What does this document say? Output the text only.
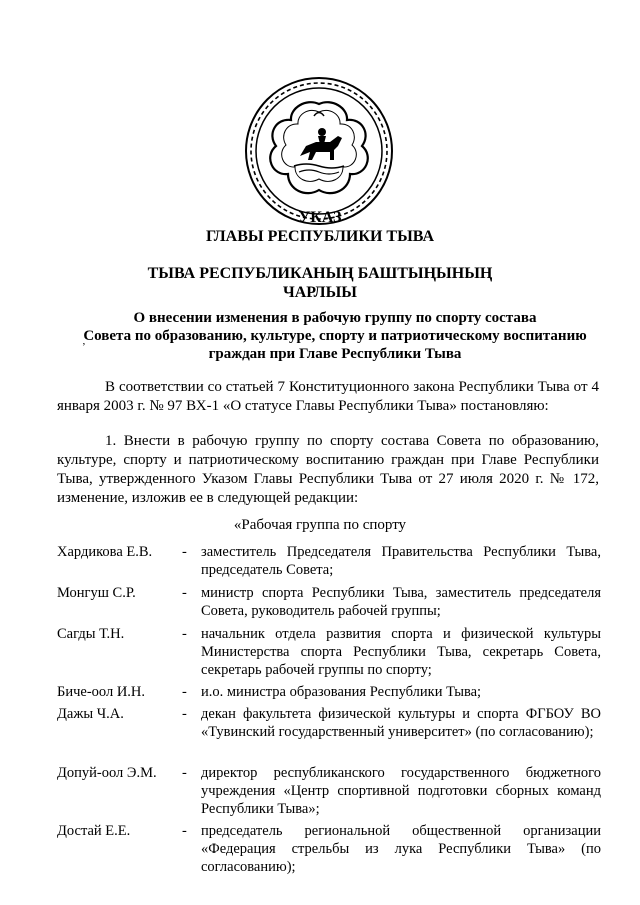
УКАЗ
ГЛАВЫ РЕСПУБЛИКИ ТЫВА
ТЫВА РЕСПУБЛИКАНЫҢ БАШТЫҢЫНЫҢ
ЧАРЛЫЫ
О внесении изменения в рабочую группу по спорту состава
Совета по образованию, культуре, спорту и патриотическому воспитанию
граждан при Главе Республики Тыва
ʼ

В соответствии со статьей 7 Конституционного закона Республики Тыва от 4 января 2003 г. № 97 ВХ-1 «О статусе Главы Республики Тыва» постановляю:

1. Внести в рабочую группу по спорту состава Совета по образованию, культуре, спорту и патриотическому воспитанию граждан при Главе Республики Тыва, утвержденного Указом Главы Республики Тыва от 27 июля 2020 г. № 172, изменение, изложив ее в следующей редакции:

«Рабочая группа по спорту
Хардикова Е.В.	- заместитель Председателя Правительства Республики Тыва, председатель Совета;
Монгуш С.Р.	- министр спорта Республики Тыва, заместитель председателя Совета, руководитель рабочей группы;
Сагды Т.Н.	- начальник отдела развития спорта и физической культуры Министерства спорта Республики Тыва, секретарь Совета, секретарь рабочей группы по спорту;
Биче-оол И.Н.	- и.о. министра образования Республики Тыва;
Дажы Ч.А.	- декан факультета физической культуры и спорта ФГБОУ ВО «Тувинский государственный университет» (по согласованию);
Допуй-оол Э.М.	- директор республиканского государственного бюджетного учреждения «Центр спортивной подготовки сборных команд Республики Тыва»;
Достай Е.Е.	- председатель региональной общественной организации «Федерация стрельбы из лука Республики Тыва» (по согласованию);
